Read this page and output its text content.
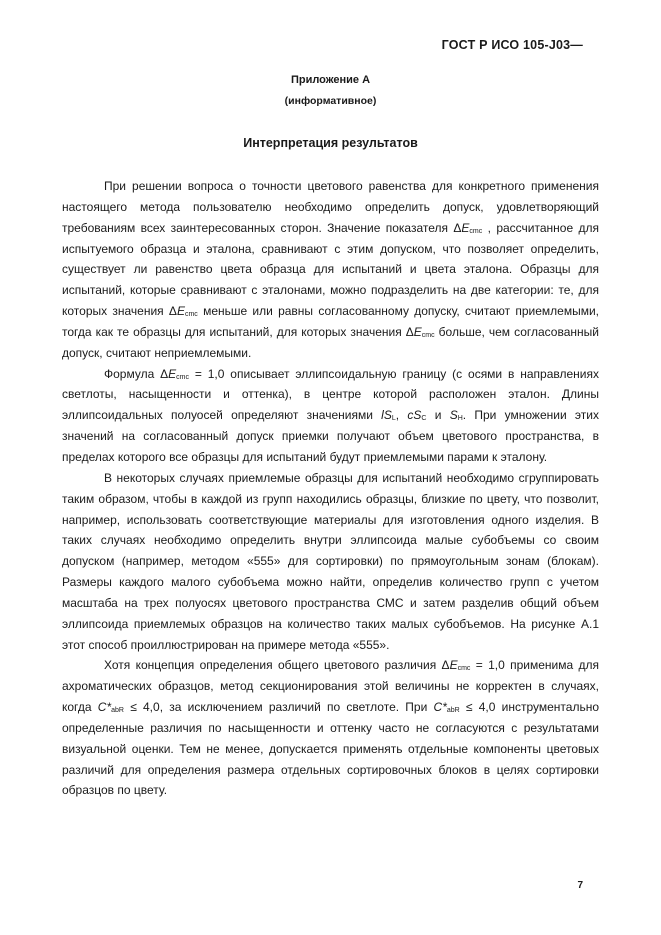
ГОСТ Р ИСО 105-J03—
Приложение А
(информативное)
Интерпретация результатов

При решении вопроса о точности цветового равенства для конкретного применения настоящего метода пользователю необходимо определить допуск, удовлетворяющий требованиям всех заинтересованных сторон. Значение показателя $\Delta E_{cmc}$ , рассчитанное для испытуемого образца и эталона, сравнивают с этим допуском, что позволяет определить, существует ли равенство цвета образца для испытаний и цвета эталона. Образцы для испытаний, которые сравнивают с эталонами, можно подразделить на две категории: те, для которых значения $\Delta E_{cmc}$ меньше или равны согласованному допуску, считают приемлемыми, тогда как те образцы для испытаний, для которых значения $\Delta E_{cmc}$ больше, чем согласованный допуск, считают неприемлемыми.

Формула $\Delta E_{cmc} = 1,0$ описывает эллипсоидальную границу (с осями в направлениях светлоты, насыщенности и оттенка), в центре которой расположен эталон. Длины эллипсоидальных полуосей определяют значениями $lS_L$, $cS_C$ и $S_H$. При умножении этих значений на согласованный допуск приемки получают объем цветового пространства, в пределах которого все образцы для испытаний будут приемлемыми парами к эталону.

В некоторых случаях приемлемые образцы для испытаний необходимо сгруппировать таким образом, чтобы в каждой из групп находились образцы, близкие по цвету, что позволит, например, использовать соответствующие материалы для изготовления одного изделия. В таких случаях необходимо определить внутри эллипсоида малые субобъемы со своим допуском (например, методом «555» для сортировки) по прямоугольным зонам (блокам). Размеры каждого малого субобъема можно найти, определив количество групп с учетом масштаба на трех полуосях цветового пространства СМС и затем разделив общий объем эллипсоида приемлемых образцов на количество таких малых субобъемов. На рисунке А.1 этот способ проиллюстрирован на примере метода «555».

Хотя концепция определения общего цветового различия $\Delta E_{cmc} = 1,0$ применима для ахроматических образцов, метод секционирования этой величины не корректен в случаях, когда $C*_{abR} \le 4,0$, за исключением различий по светлоте. При $C*_{abR} \le 4,0$ инструментально определенные различия по насыщенности и оттенку часто не согласуются с результатами визуальной оценки. Тем не менее, допускается применять отдельные компоненты цветовых различий для определения размера отдельных сортировочных блоков в целях сортировки образцов по цвету.

7
